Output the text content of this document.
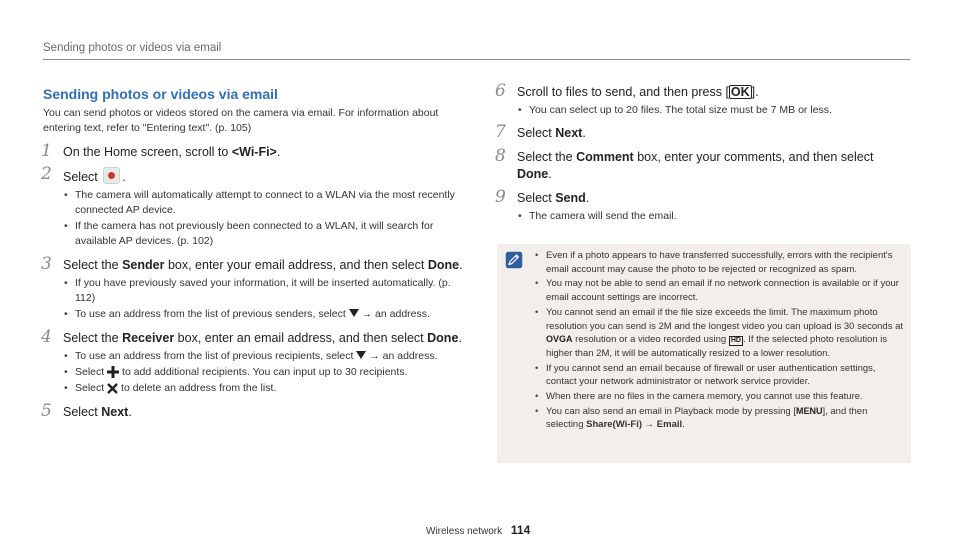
Sending photos or videos via email
Sending photos or videos via email
You can send photos or videos stored on the camera via email. For information about entering text, refer to "Entering text". (p. 105)
1 On the Home screen, scroll to <Wi-Fi>.
2 Select .
• The camera will automatically attempt to connect to a WLAN via the most recently connected AP device.
• If the camera has not previously been connected to a WLAN, it will search for available AP devices. (p. 102)
3 Select the Sender box, enter your email address, and then select Done.
• If you have previously saved your information, it will be inserted automatically. (p. 112)
• To use an address from the list of previous senders, select  → an address.
4 Select the Receiver box, enter an email address, and then select Done.
• To use an address from the list of previous recipients, select  → an address.
• Select  to add additional recipients. You can input up to 30 recipients.
• Select  to delete an address from the list.
5 Select Next.
6 Scroll to files to send, and then press [ OK ].
• You can select up to 20 files. The total size must be 7 MB or less.
7 Select Next.
8 Select the Comment box, enter your comments, and then select Done.
9 Select Send.
• The camera will send the email.
• Even if a photo appears to have transferred successfully, errors with the recipient's email account may cause the photo to be rejected or recognized as spam.
• You may not be able to send an email if no network connection is available or if your email account settings are incorrect.
• You cannot send an email if the file size exceeds the limit. The maximum photo resolution you can send is 2M and the longest video you can upload is 30 seconds at OVGA resolution or a video recorded using HD . If the selected photo resolution is higher than 2M, it will be automatically resized to a lower resolution.
• If you cannot send an email because of firewall or user authentication settings, contact your network administrator or network service provider.
• When there are no files in the camera memory, you cannot use this feature.
• You can also send an email in Playback mode by pressing [MENU], and then selecting Share(Wi-Fi) → Email.
Wireless network 114
